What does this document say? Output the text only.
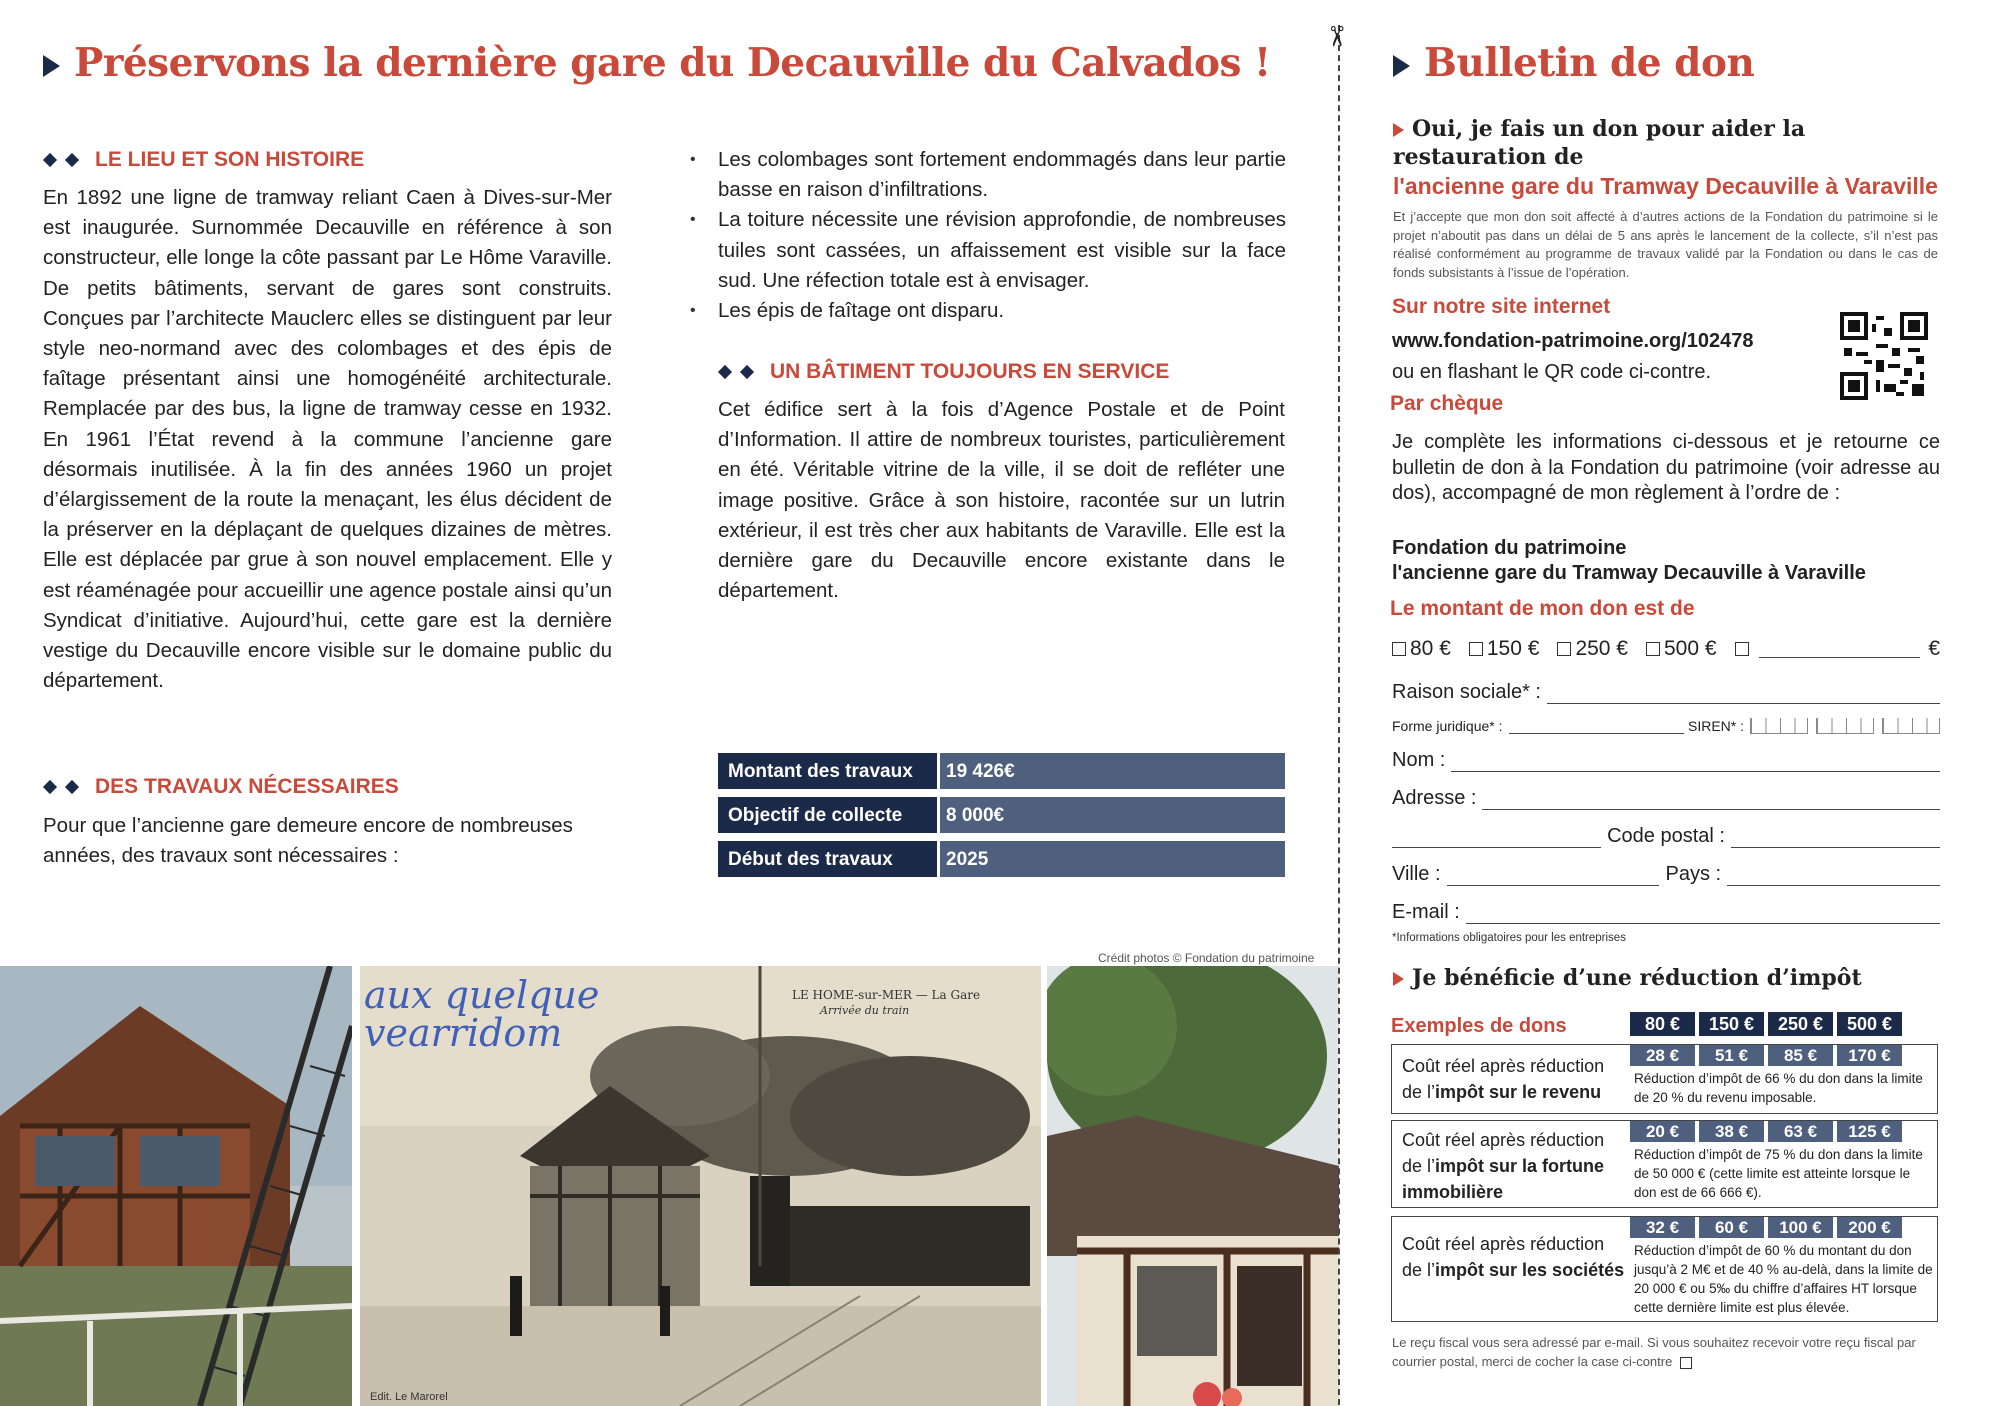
Préservons la dernière gare du Decauville du Calvados !
LE LIEU ET SON HISTOIRE
En 1892 une ligne de tramway reliant Caen à Dives-sur-Mer est inaugurée. Surnommée Decauville en référence à son constructeur, elle longe la côte passant par Le Hôme Varaville. De petits bâtiments, servant de gares sont construits. Conçues par l’architecte Mauclerc elles se distinguent par leur style neo-normand avec des colombages et des épis de faîtage présentant ainsi une homogénéité architecturale. Remplacée par des bus, la ligne de tramway cesse en 1932. En 1961 l’État revend à la commune l’ancienne gare désormais inutilisée. À la fin des années 1960 un projet d’élargissement de la route la menaçant, les élus décident de la préserver en la déplaçant de quelques dizaines de mètres. Elle est déplacée par grue à son nouvel emplacement. Elle y est réaménagée pour accueillir une agence postale ainsi qu’un Syndicat d’initiative. Aujourd’hui, cette gare est la dernière vestige du Decauville encore visible sur le domaine public du département.
DES TRAVAUX NÉCESSAIRES
Pour que l’ancienne gare demeure encore de nombreuses années, des travaux sont nécessaires :
• Les colombages sont fortement endommagés dans leur partie basse en raison d’infiltrations.
• La toiture nécessite une révision approfondie, de nombreuses tuiles sont cassées, un affaissement est visible sur la face sud. Une réfection totale est à envisager.
• Les épis de faîtage ont disparu.
UN BÂTIMENT TOUJOURS EN SERVICE
Cet édifice sert à la fois d’Agence Postale et de Point d’Information. Il attire de nombreux touristes, particulièrement en été. Véritable vitrine de la ville, il se doit de refléter une image positive. Grâce à son histoire, racontée sur un lutrin extérieur, il est très cher aux habitants de Varaville. Elle est la dernière gare du Decauville encore existante dans le département.
Montant des travaux	19 426€
Objectif de collecte	8 000€
Début des travaux	2025
Crédit photos © Fondation du patrimoine
LE HOME-sur-MER — La Gare
Arrivée du train
aux quelque vearridom
Edit. Le Marorel
✂
Bulletin de don
Oui, je fais un don pour aider la restauration de
l'ancienne gare du Tramway Decauville à Varaville
Et j’accepte que mon don soit affecté à d’autres actions de la Fondation du patrimoine si le projet n’aboutit pas dans un délai de 5 ans après le lancement de la collecte, s’il n’est pas réalisé conformément au programme de travaux validé par la Fondation ou dans le cas de fonds subsistants à l’issue de l’opération.
Sur notre site internet
www.fondation-patrimoine.org/102478
ou en flashant le QR code ci-contre.
Par chèque
Je complète les informations ci-dessous et je retourne ce bulletin de don à la Fondation du patrimoine (voir adresse au dos), accompagné de mon règlement à l’ordre de :
Fondation du patrimoine
l'ancienne gare du Tramway Decauville à Varaville
Le montant de mon don est de
80 €	150 €	250 €	500 €	€
Raison sociale* :
Forme juridique* :	SIREN* :
Nom :
Adresse :
Code postal :
Ville :	Pays :
E-mail :
*Informations obligatoires pour les entreprises
Je bénéficie d’une réduction d’impôt
Exemples de dons	80 €	150 €	250 €	500 €
Coût réel après réduction de l’impôt sur le revenu
28 €	51 €	85 €	170 €
Réduction d’impôt de 66 % du don dans la limite de 20 % du revenu imposable.
Coût réel après réduction de l’impôt sur la fortune immobilière
20 €	38 €	63 €	125 €
Réduction d’impôt de 75 % du don dans la limite de 50 000 € (cette limite est atteinte lorsque le don est de 66 666 €).
Coût réel après réduction de l’impôt sur les sociétés
32 €	60 €	100 €	200 €
Réduction d’impôt de 60 % du montant du don jusqu’à 2 M€ et de 40 % au-delà, dans la limite de 20 000 € ou 5‰ du chiffre d’affaires HT lorsque cette dernière limite est plus élevée.
Le reçu fiscal vous sera adressé par e-mail. Si vous souhaitez recevoir votre reçu fiscal par courrier postal, merci de cocher la case ci-contre
